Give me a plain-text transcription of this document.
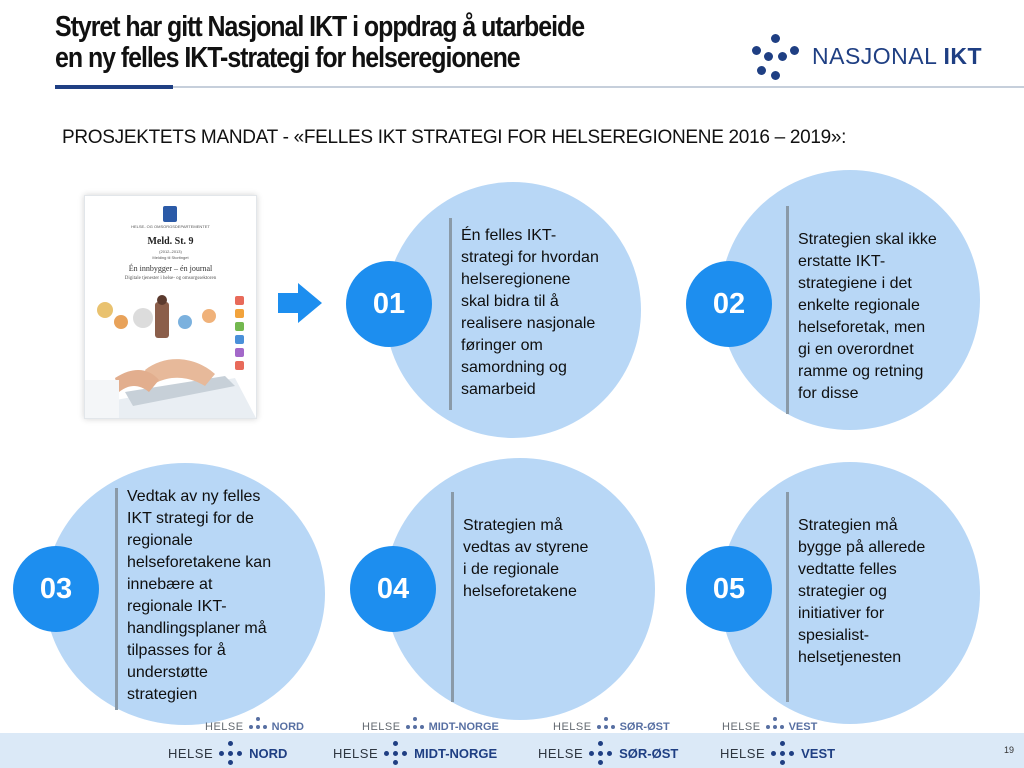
Styret har gitt Nasjonal IKT i oppdrag å utarbeide
en ny felles IKT-strategi for helseregionene	NASJONAL IKT
PROSJEKTETS MANDAT - «FELLES IKT STRATEGI FOR HELSEREGIONENE 2016 – 2019»:
HELSE- OG OMSORGSDEPARTEMENTET
Meld. St. 9
(2012–2013)
Melding til Stortinget
Én innbygger – én journal
Digitale tjenester i helse- og omsorgssektoren
01	02
03	04	05
Én felles IKT-
strategi for hvordan
helseregionene
skal bidra til å
realisere nasjonale
føringer om
samordning og
samarbeid
Strategien skal ikke
erstatte IKT-
strategiene i det
enkelte regionale
helseforetak, men
gi en overordnet
ramme og retning
for disse
Vedtak av ny felles
IKT strategi for de
regionale
helseforetakene kan
innebære at
regionale IKT-
handlingsplaner må
tilpasses for å
understøtte
strategien
Strategien må
vedtas av styrene
i de regionale
helseforetakene
Strategien må
bygge på allerede
vedtatte felles
strategier og
initiativer for
spesialist-
helsetjenesten
HELSE	NORD	HELSE	MIDT-NORGE	HELSE	SØR-ØST	HELSE	VEST
HELSE	NORD	HELSE	MIDT-NORGE	HELSE	SØR-ØST	HELSE	VEST	19
